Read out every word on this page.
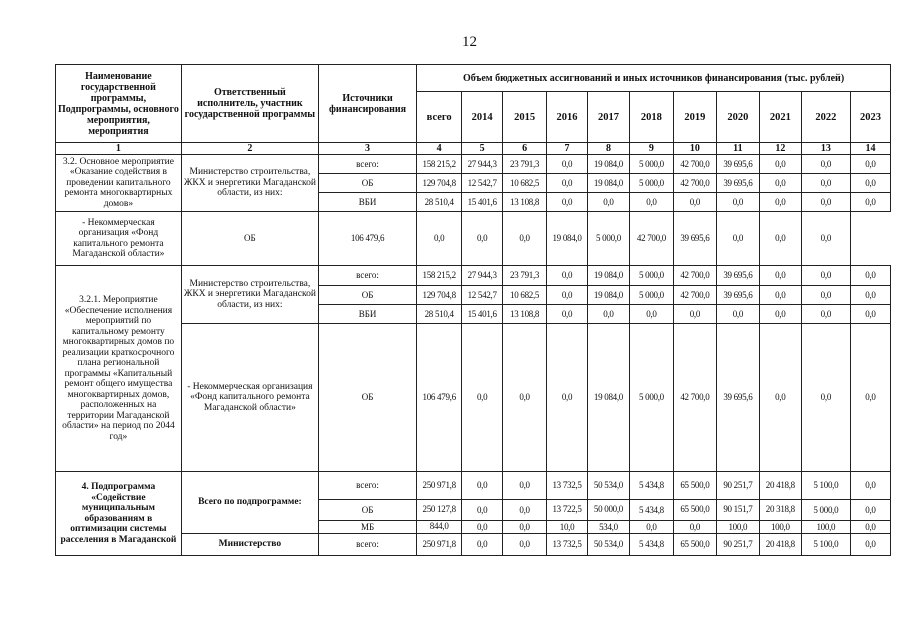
12
Наименование государственной программы, Подпрограммы, основного мероприятия, мероприятия	Ответственный исполнитель, участник государственной программы	Источники финансирования	Объем бюджетных ассигнований и иных источников финансирования (тыс. рублей)										
			всего	2014	2015	2016	2017	2018	2019	2020	2021	2022	2023
1	2	3	4	5	6	7	8	9	10	11	12	13	14
3.2. Основное мероприятие «Оказание содействия в проведении капитального ремонта многоквартирных домов»	Министерство строительства, ЖКХ и энергетики Магаданской области, из них:	всего:	158 215,2	27 944,3	23 791,3	0,0	19 084,0	5 000,0	42 700,0	39 695,6	0,0	0,0	0,0
		ОБ	129 704,8	12 542,7	10 682,5	0,0	19 084,0	5 000,0	42 700,0	39 695,6	0,0	0,0	0,0
		ВБИ	28 510,4	15 401,6	13 108,8	0,0	0,0	0,0	0,0	0,0	0,0	0,0	0,0
- Некоммерческая организация «Фонд капитального ремонта Магаданской области»	ОБ	106 479,6	0,0	0,0	0,0	19 084,0	5 000,0	42 700,0	39 695,6	0,0	0,0	0,0	
3.2.1. Мероприятие «Обеспечение исполнения мероприятий по капитальному ремонту многоквартирных домов по реализации краткосрочного плана региональной программы «Капитальный ремонт общего имущества многоквартирных домов, расположенных на территории Магаданской области» на период по 2044 год»	Министерство строительства, ЖКХ и энергетики Магаданской области, из них:	всего:	158 215,2	27 944,3	23 791,3	0,0	19 084,0	5 000,0	42 700,0	39 695,6	0,0	0,0	0,0
		ОБ	129 704,8	12 542,7	10 682,5	0,0	19 084,0	5 000,0	42 700,0	39 695,6	0,0	0,0	0,0
		ВБИ	28 510,4	15 401,6	13 108,8	0,0	0,0	0,0	0,0	0,0	0,0	0,0	0,0
	- Некоммерческая организация «Фонд капитального ремонта Магаданской области»	ОБ	106 479,6	0,0	0,0	0,0	19 084,0	5 000,0	42 700,0	39 695,6	0,0	0,0	0,0
4. Подпрограмма «Содействие муниципальным образованиям в оптимизации системы расселения в Магаданской	Всего по подпрограмме:	всего:	250 971,8	0,0	0,0	13 732,5	50 534,0	5 434,8	65 500,0	90 251,7	20 418,8	5 100,0	0,0
		ОБ	250 127,8	0,0	0,0	13 722,5	50 000,0	5 434,8	65 500,0	90 151,7	20 318,8	5 000,0	0,0
		МБ	844,0	0,0	0,0	10,0	534,0	0,0	0,0	100,0	100,0	100,0	0,0
	Министерство	всего:	250 971,8	0,0	0,0	13 732,5	50 534,0	5 434,8	65 500,0	90 251,7	20 418,8	5 100,0	0,0
